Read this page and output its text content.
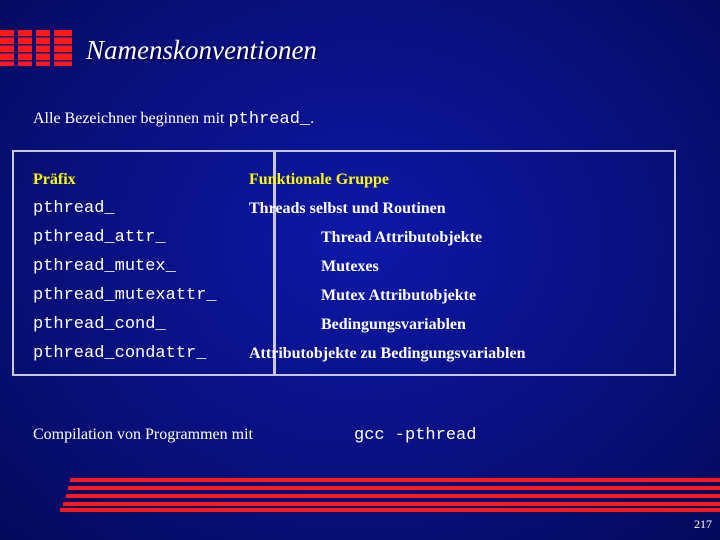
Namenskonventionen
Alle Bezeichner beginnen mit pthread_.
Präfix	Funktionale Gruppe
pthread_	Threads selbst und Routinen
pthread_attr_	Thread Attributobjekte
pthread_mutex_	Mutexes
pthread_mutexattr_	Mutex Attributobjekte
pthread_cond_	Bedingungsvariablen
pthread_condattr_	Attributobjekte zu Bedingungsvariablen
Compilation von Programmen mit	gcc -pthread
217
